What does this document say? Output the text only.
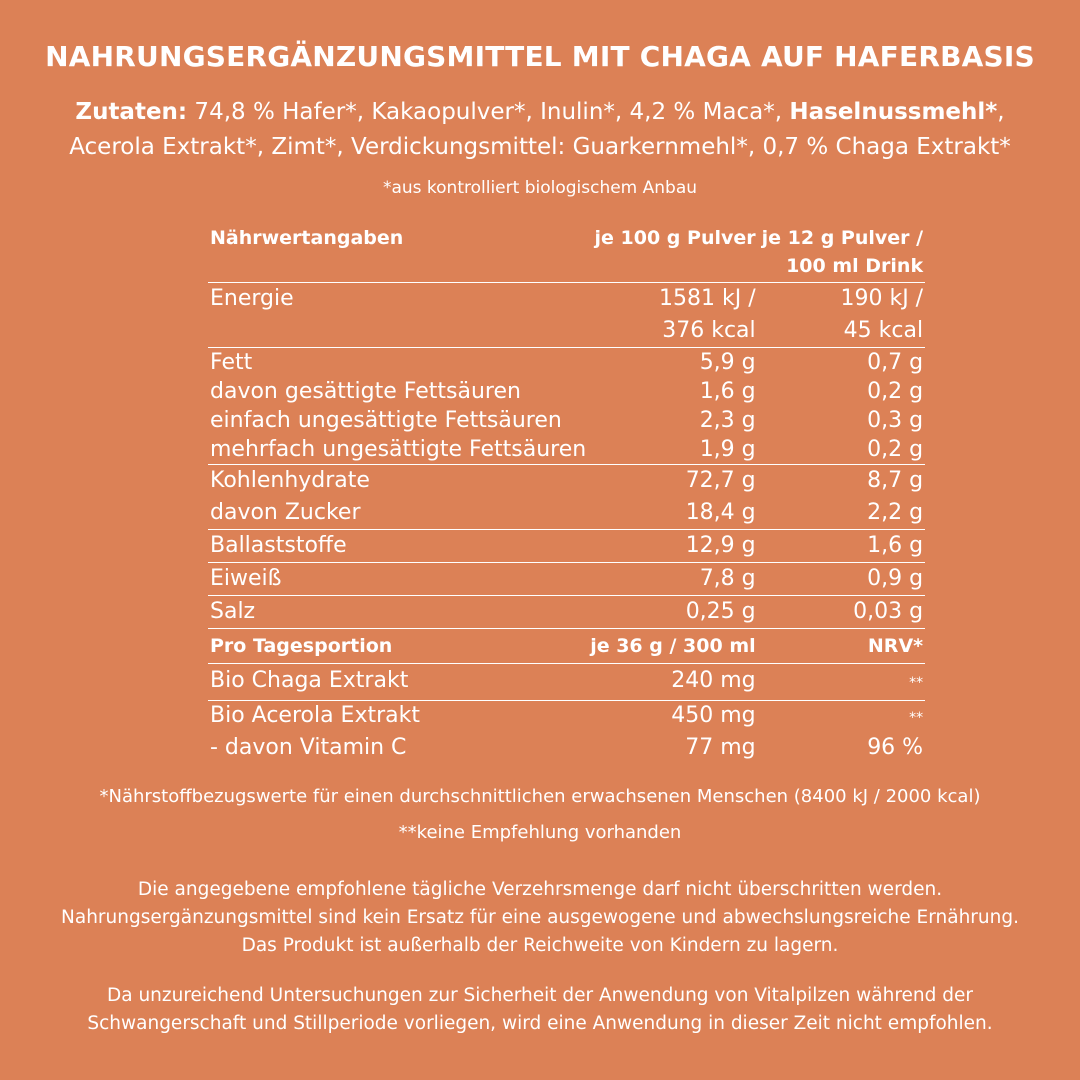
NAHRUNGSERGÄNZUNGSMITTEL MIT CHAGA AUF HAFERBASIS
Zutaten: 74,8 % Hafer*, Kakaopulver*, Inulin*, 4,2 % Maca*, Haselnussmehl*,
Acerola Extrakt*, Zimt*, Verdickungsmittel: Guarkernmehl*, 0,7 % Chaga Extrakt*
*aus kontrolliert biologischem Anbau
Nährwertangaben	je 100 g Pulver	je 12 g Pulver /
100 ml Drink
Energie	1581 kJ /	190 kJ /
	376 kcal	45 kcal
Fett	5,9 g	0,7 g
davon gesättigte Fettsäuren	1,6 g	0,2 g
einfach ungesättigte Fettsäuren	2,3 g	0,3 g
mehrfach ungesättigte Fettsäuren	1,9 g	0,2 g
Kohlenhydrate	72,7 g	8,7 g
davon Zucker	18,4 g	2,2 g
Ballaststoffe	12,9 g	1,6 g
Eiweiß	7,8 g	0,9 g
Salz	0,25 g	0,03 g
Pro Tagesportion	je 36 g / 300 ml	NRV*
Bio Chaga Extrakt	240 mg	**
Bio Acerola Extrakt	450 mg	**
- davon Vitamin C	77 mg	96 %
*Nährstoffbezugswerte für einen durchschnittlichen erwachsenen Menschen (8400 kJ / 2000 kcal)
**keine Empfehlung vorhanden

Die angegebene empfohlene tägliche Verzehrsmenge darf nicht überschritten werden. Nahrungsergänzungsmittel sind kein Ersatz für eine ausgewogene und abwechslungsreiche Ernährung. Das Produkt ist außerhalb der Reichweite von Kindern zu lagern.

Da unzureichend Untersuchungen zur Sicherheit der Anwendung von Vitalpilzen während der Schwangerschaft und Stillperiode vorliegen, wird eine Anwendung in dieser Zeit nicht empfohlen.
